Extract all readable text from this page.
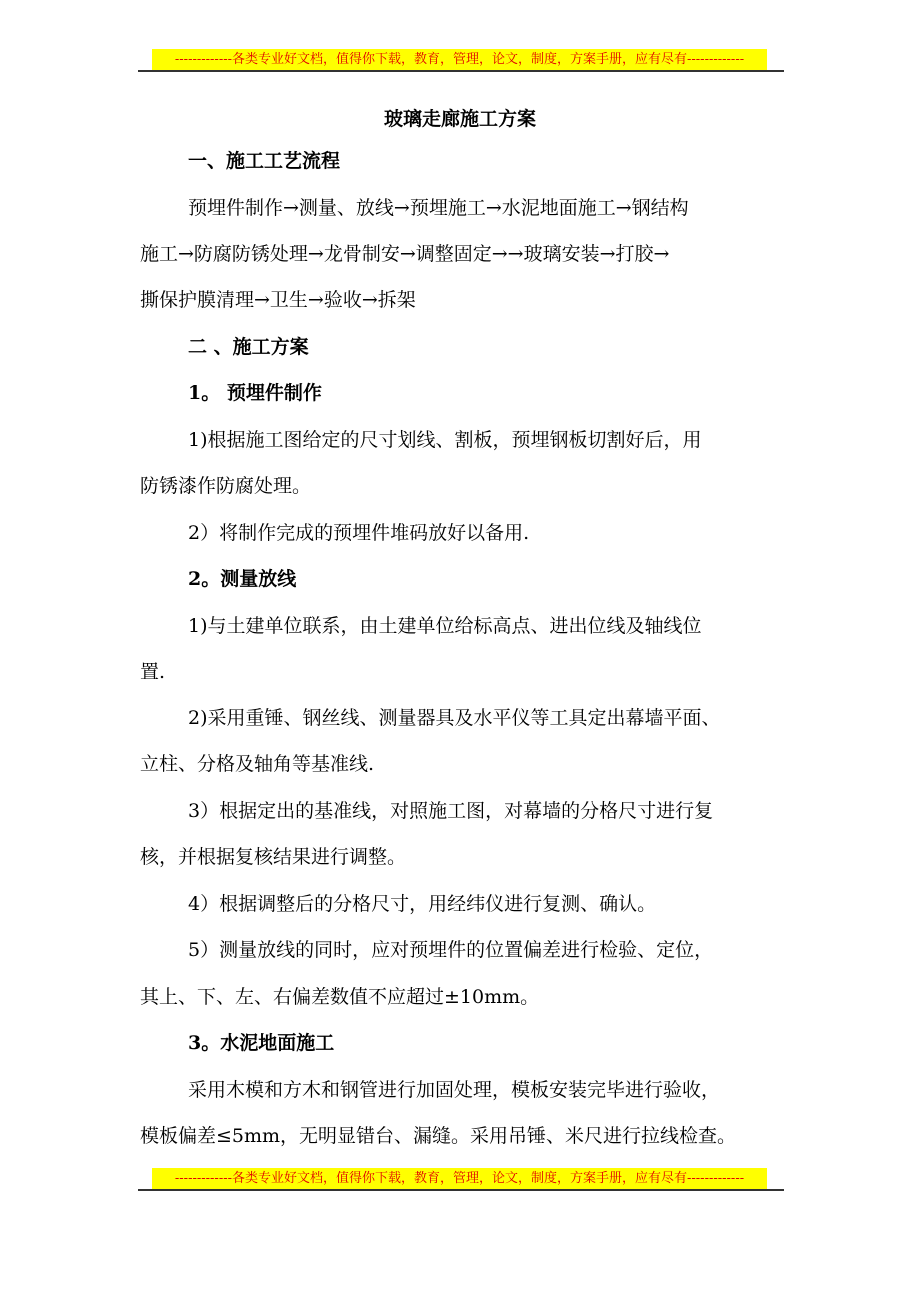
-------------各类专业好文档，值得你下载，教育，管理，论文，制度，方案手册，应有尽有-------------
玻璃走廊施工方案
一、施工工艺流程
预埋件制作→测量、放线→预埋施工→水泥地面施工→钢结构
施工→防腐防锈处理→龙骨制安→调整固定→→玻璃安装→打胶→
撕保护膜清理→卫生→验收→拆架
二 、施工方案
1。 预埋件制作
1)根据施工图给定的尺寸划线、割板，预埋钢板切割好后，用
防锈漆作防腐处理。
2）将制作完成的预埋件堆码放好以备用.
2。测量放线
1)与土建单位联系，由土建单位给标高点、进出位线及轴线位
置.
2)采用重锤、钢丝线、测量器具及水平仪等工具定出幕墙平面、
立柱、分格及轴角等基准线.
3）根据定出的基准线，对照施工图，对幕墙的分格尺寸进行复
核，并根据复核结果进行调整。
4）根据调整后的分格尺寸，用经纬仪进行复测、确认。
5）测量放线的同时，应对预埋件的位置偏差进行检验、定位，
其上、下、左、右偏差数值不应超过±10mm。
3。水泥地面施工
采用木模和方木和钢管进行加固处理，模板安装完毕进行验收，
模板偏差≤5mm，无明显错台、漏缝。采用吊锤、米尺进行拉线检查。
-------------各类专业好文档，值得你下载，教育，管理，论文，制度，方案手册，应有尽有-------------
